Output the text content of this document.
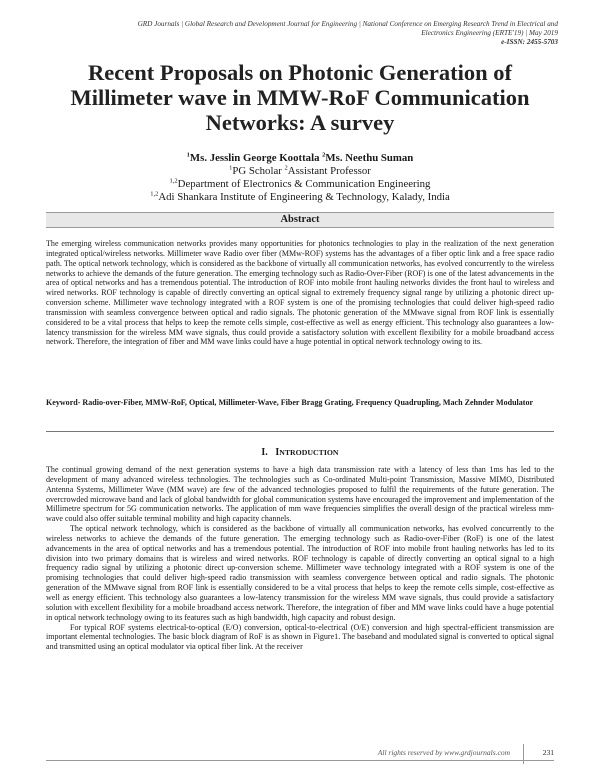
GRD Journals | Global Research and Development Journal for Engineering | National Conference on Emerging Research Trend in Electrical and
Electronics Engineering (ERTE'19) | May 2019
e-ISSN: 2455-5703
Recent Proposals on Photonic Generation of Millimeter wave in MMW-RoF Communication Networks: A survey
$^1$Ms. Jesslin George Koottala $^2$Ms. Neethu Suman
$^1$PG Scholar $^2$Assistant Professor
$^{1,2}$Department of Electronics & Communication Engineering
$^{1,2}$Adi Shankara Institute of Engineering & Technology, Kalady, India
Abstract
The emerging wireless communication networks provides many opportunities for photonics technologies to play in the realization of the next generation integrated optical/wireless networks. Millimeter wave Radio over fiber (MMw-ROF) systems has the advantages of a fiber optic link and a free space radio path. The optical network technology, which is considered as the backbone of virtually all communication networks, has evolved concurrently to the wireless networks to achieve the demands of the future generation. The emerging technology such as Radio-Over-Fiber (ROF) is one of the latest advancements in the area of optical networks and has a tremendous potential. The introduction of ROF into mobile front hauling networks divides the front haul to wireless and wired networks. ROF technology is capable of directly converting an optical signal to extremely frequency signal range by utilizing a photonic direct up-conversion scheme. Millimeter wave technology integrated with a ROF system is one of the promising technologies that could deliver high-speed radio transmission with seamless convergence between optical and radio signals. The photonic generation of the MMwave signal from ROF link is essentially considered to be a vital process that helps to keep the remote cells simple, cost-effective as well as energy efficient. This technology also guarantees a low-latency transmission for the wireless MM wave signals, thus could provide a satisfactory solution with excellent flexibility for a mobile broadband access network. Therefore, the integration of fiber and MM wave links could have a huge potential in optical network technology owing to its.
Keyword- Radio-over-Fiber, MMW-RoF, Optical, Millimeter-Wave, Fiber Bragg Grating, Frequency Quadrupling, Mach Zehnder Modulator
I. INTRODUCTION

The continual growing demand of the next generation systems to have a high data transmission rate with a latency of less than 1ms has led to the development of many advanced wireless technologies. The technologies such as Co-ordinated Multi-point Transmission, Massive MIMO, Distributed Antenna Systems, Millimeter Wave (MM wave) are few of the advanced technologies proposed to fulfil the requirements of the future generation. The overcrowded microwave band and lack of global bandwidth for global communication systems have encouraged the improvement and implementation of the Millimetre spectrum for 5G communication networks. The application of mm wave frequencies simplifies the overall design of the practical wireless mm-wave could also offer suitable terminal mobility and high capacity channels.

The optical network technology, which is considered as the backbone of virtually all communication networks, has evolved concurrently to the wireless networks to achieve the demands of the future generation. The emerging technology such as Radio-over-Fiber (RoF) is one of the latest advancements in the area of optical networks and has a tremendous potential. The introduction of ROF into mobile front hauling networks has led to its division into two primary domains that is wireless and wired networks. ROF technology is capable of directly converting an optical signal to a high frequency radio signal by utilizing a photonic direct up-conversion scheme. Millimeter wave technology integrated with a ROF system is one of the promising technologies that could deliver high-speed radio transmission with seamless convergence between optical and radio signals. The photonic generation of the MMwave signal from ROF link is essentially considered to be a vital process that helps to keep the remote cells simple, cost-effective as well as energy efficient. This technology also guarantees a low-latency transmission for the wireless MM wave signals, thus could provide a satisfactory solution with excellent flexibility for a mobile broadband access network. Therefore, the integration of fiber and MM wave links could have a huge potential in optical network technology owing to its features such as high bandwidth, high capacity and robust design.

For typical ROF systems electrical-to-optical (E/O) conversion, optical-to-electrical (O/E) conversion and high spectral-efficient transmission are important elemental technologies. The basic block diagram of RoF is as shown in Figure1. The baseband and modulated signal is converted to optical signal and transmitted using an optical modulator via optical fiber link. At the receiver

All rights reserved by www.grdjournals.com	231
